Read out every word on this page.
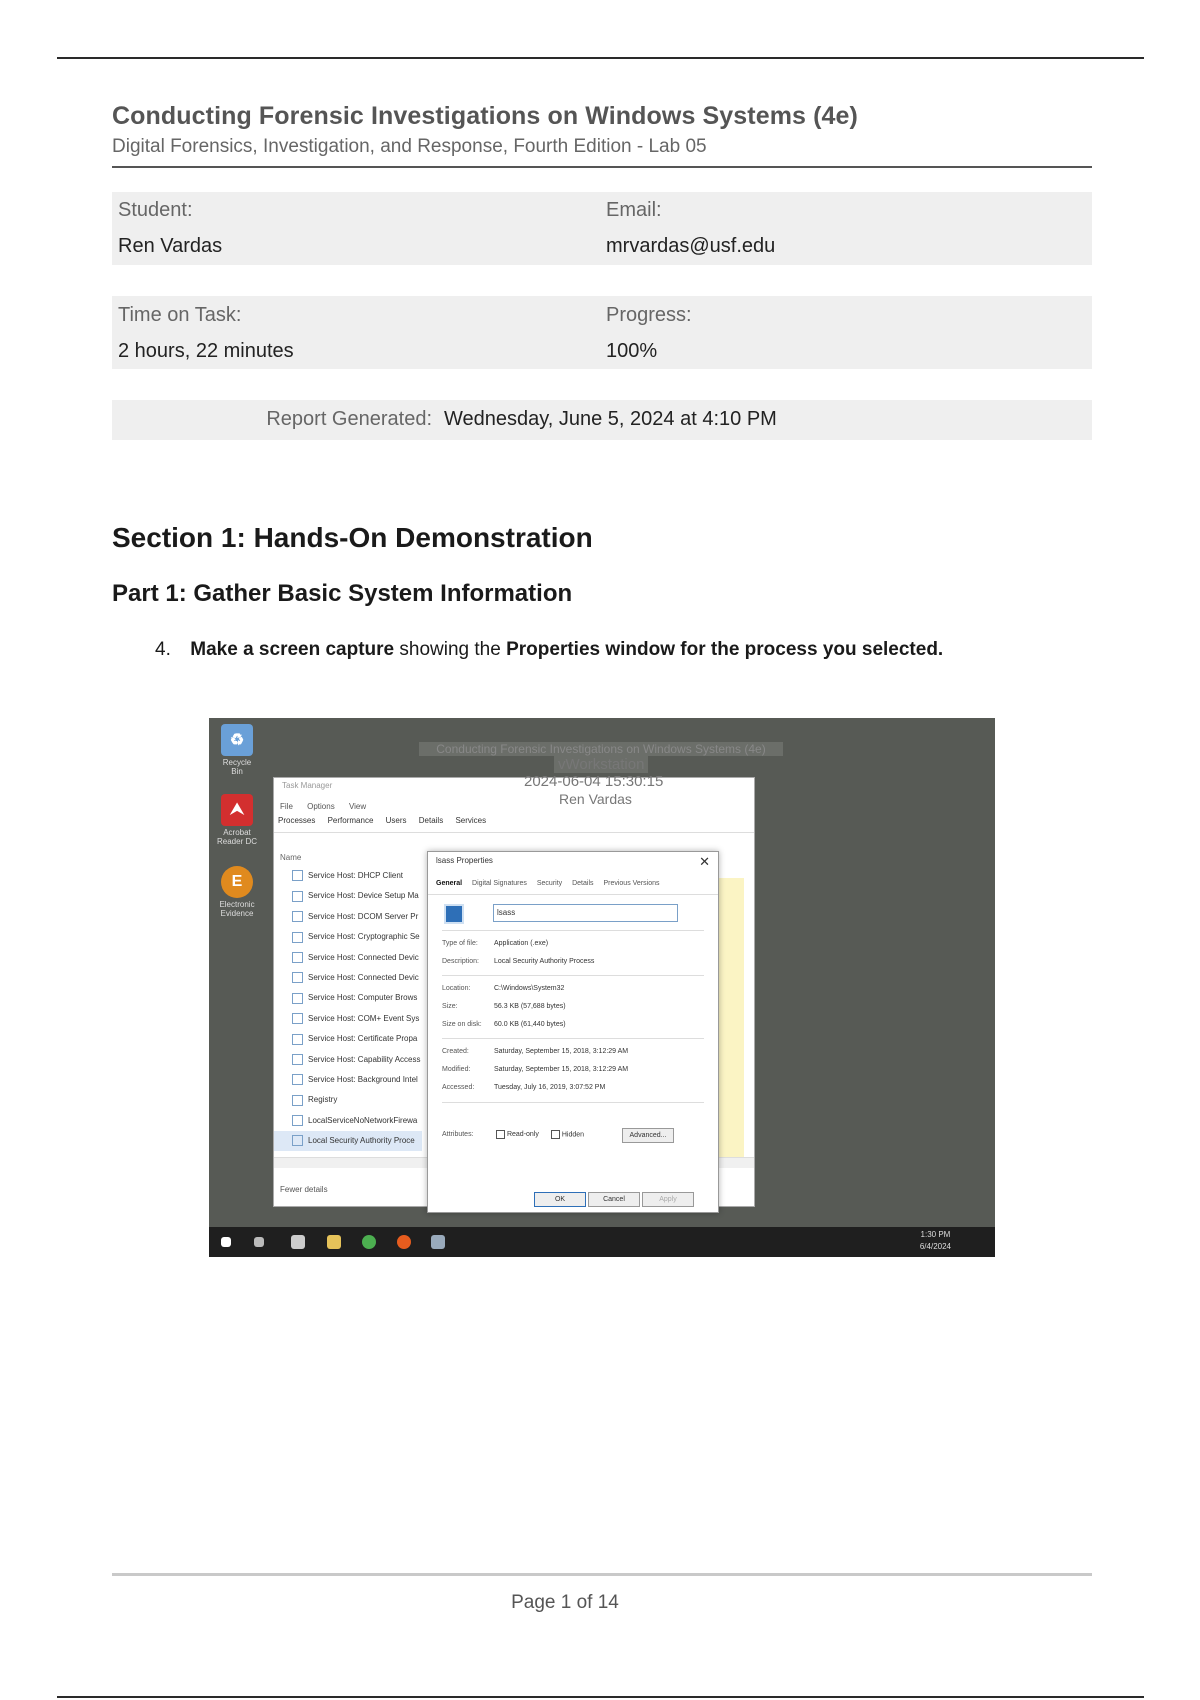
Conducting Forensic Investigations on Windows Systems (4e)
Digital Forensics, Investigation, and Response, Fourth Edition - Lab 05
Student:
Ren Vardas
Email:
mrvardas@usf.edu
Time on Task:
2 hours, 22 minutes
Progress:
100%
Report Generated: Wednesday, June 5, 2024 at 4:10 PM
Section 1: Hands-On Demonstration
Part 1: Gather Basic System Information
4. Make a screen capture showing the Properties window for the process you selected.
♻
Recycle Bin
⮝
Acrobat Reader DC
E
Electronic Evidence
Conducting Forensic Investigations on Windows Systems (4e)
vWorkstation
Task Manager
File Options View
Processes Performance Users Details Services
Name
Service Host: DHCP Client
Service Host: Device Setup Ma
Service Host: DCOM Server Pr
Service Host: Cryptographic Se
Service Host: Connected Devic
Service Host: Connected Devic
Service Host: Computer Brows
Service Host: COM+ Event Sys
Service Host: Certificate Propa
Service Host: Capability Access
Service Host: Background Intel
Registry
LocalServiceNoNetworkFirewa
Local Security Authority Proce
Fewer details
2024-06-04 15:30:15
Ren Vardas
lsass Properties	✕
General Digital Signatures Security Details Previous Versions
lsass
Type of file: Application (.exe)
Description: Local Security Authority Process
Location:	C:\Windows\System32
Size:	56.3 KB (57,688 bytes)
Size on disk: 60.0 KB (61,440 bytes)
Created:	Saturday, September 15, 2018, 3:12:29 AM
Modified:	Saturday, September 15, 2018, 3:12:29 AM
Accessed:	Tuesday, July 16, 2019, 3:07:52 PM
Attributes:	Read-only	Hidden	Advanced...
OK	Cancel	Apply
1:30 PM
6/4/2024
Page 1 of 14
